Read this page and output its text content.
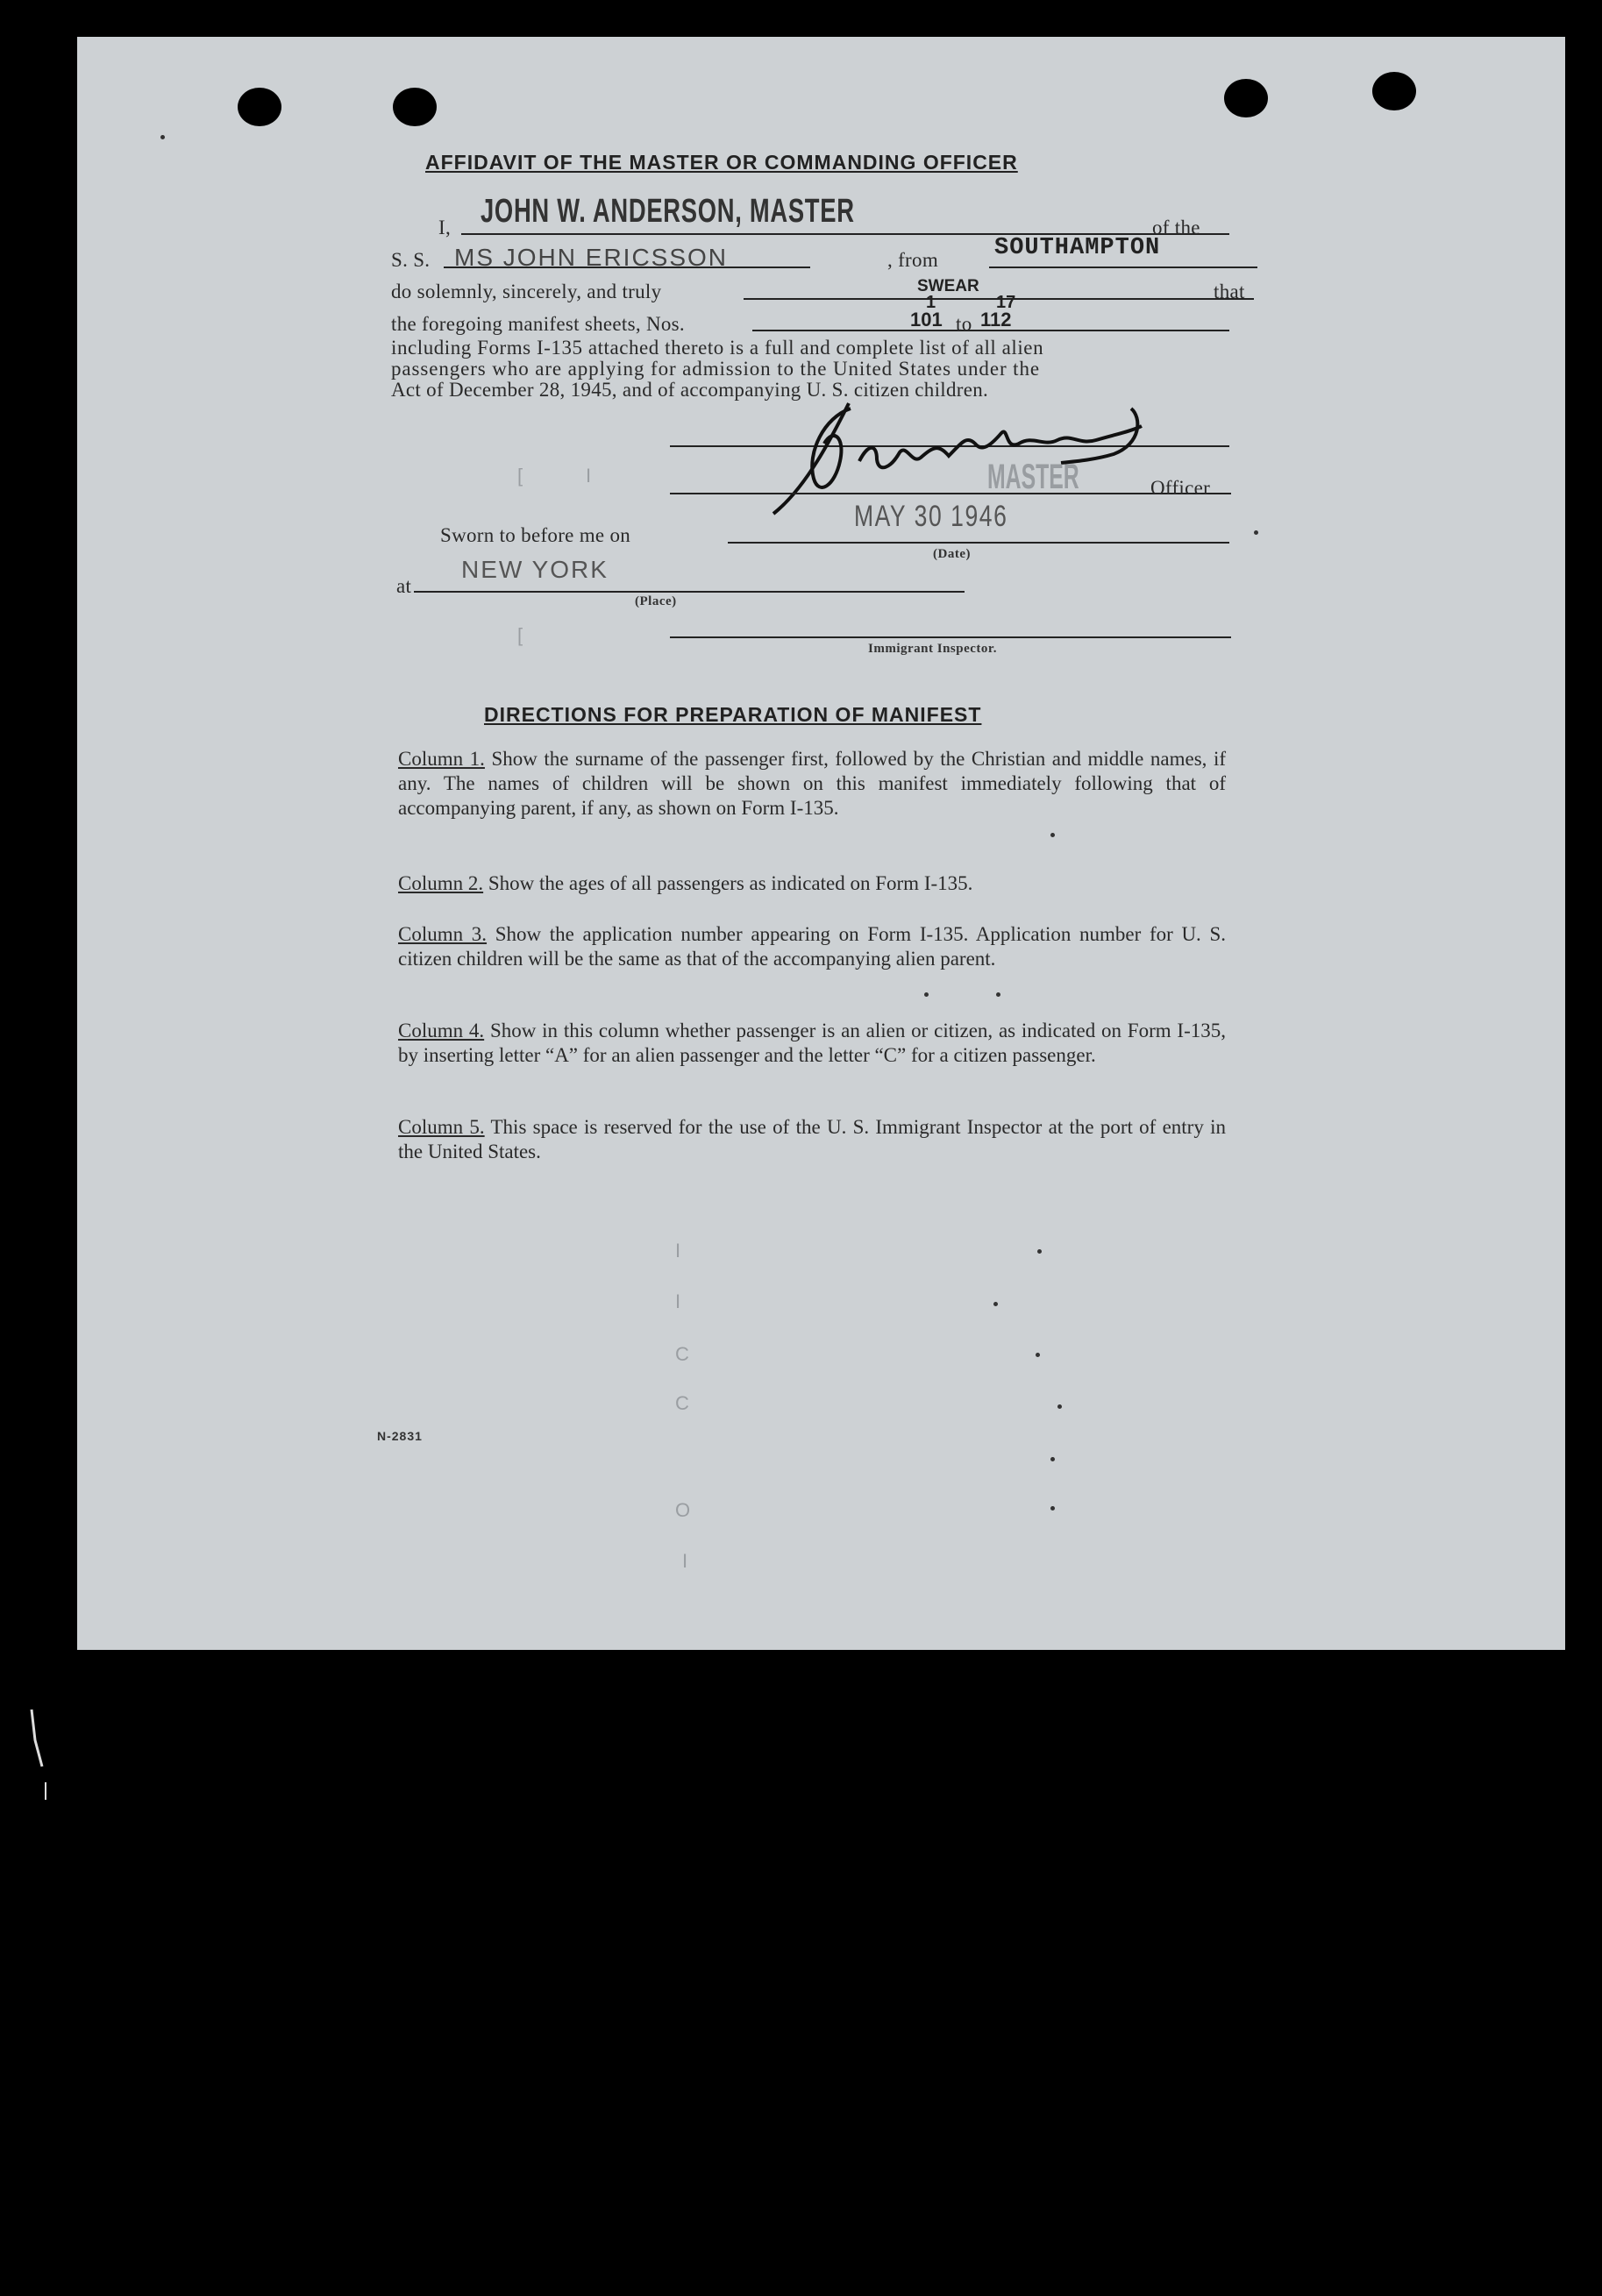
[	I
[
I
I
C
C
O
I
AFFIDAVIT OF THE MASTER OR COMMANDING OFFICER
I, JOHN W. ANDERSON, MASTER	of the
S. S. MS JOHN ERICSSON	, from SOUTHAMPTON
do solemnly, sincerely, and truly	SWEAR	that
the foregoing manifest sheets, Nos.
1
101 to
17
112
including Forms I-135 attached thereto is a full and complete list of all alien
passengers who are applying for admission to the United States under the
Act of December 28, 1945, and of accompanying U. S. citizen children.
MASTER	Officer
Sworn to before me on
MAY 30 1946
(Date)
at
NEW YORK
(Place)
Immigrant Inspector.
DIRECTIONS FOR PREPARATION OF MANIFEST
Column 1. Show the surname of the passenger first, followed by the Christian and middle names, if any. The names of children will be shown on this manifest immediately following that of accompanying parent, if any, as shown on Form I-135.
Column 2. Show the ages of all passengers as indicated on Form I-135.
Column 3. Show the application number appearing on Form I-135. Application number for U. S. citizen children will be the same as that of the accompanying alien parent.
Column 4. Show in this column whether passenger is an alien or citizen, as indicated on Form I-135, by inserting letter “A” for an alien passenger and the letter “C” for a citizen passenger.
Column 5. This space is reserved for the use of the U. S. Immigrant Inspector at the port of entry in the United States.
N-2831
